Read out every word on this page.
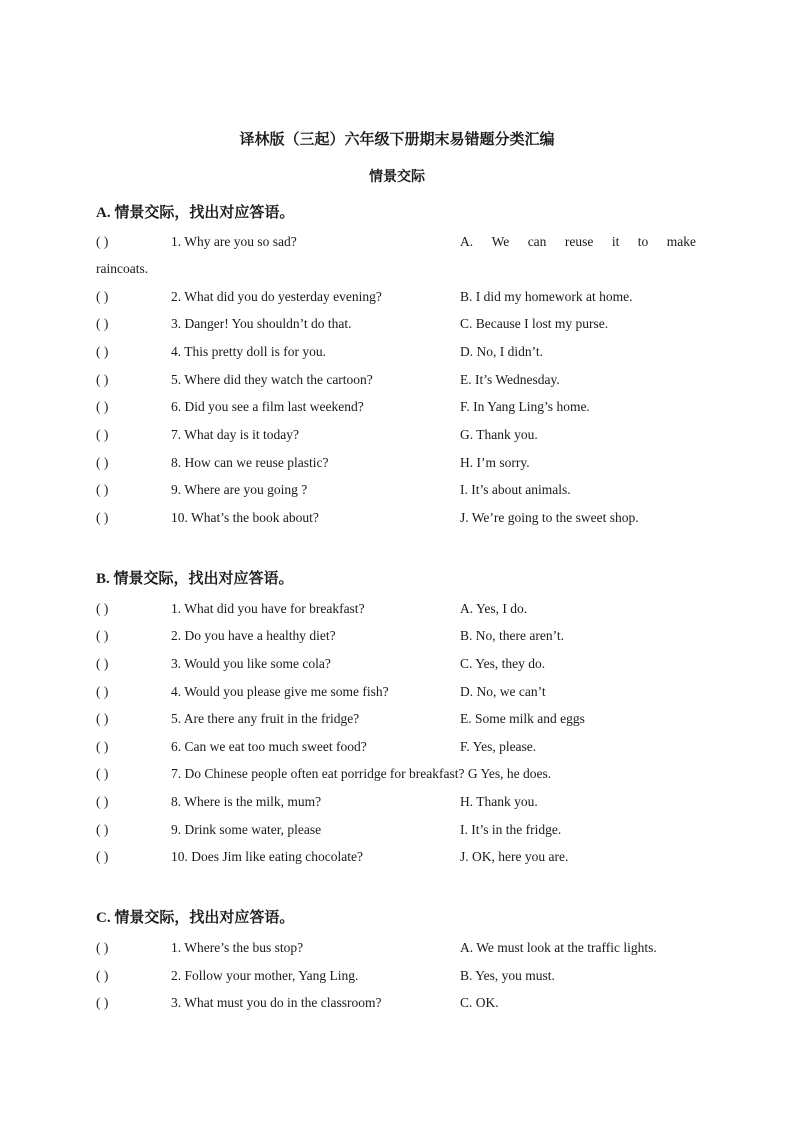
译林版（三起）六年级下册期末易错题分类汇编
情景交际
A. 情景交际，找出对应答语。
( )	1. Why are you so sad?	A. We can reuse it to make
raincoats.
( )	2. What did you do yesterday evening?	B. I did my homework at home.
( )	3. Danger! You shouldn’t do that.	C. Because I lost my purse.
( )	4. This pretty doll is for you.	D. No, I didn’t.
( )	5. Where did they watch the cartoon?	E. It’s Wednesday.
( )	6. Did you see a film last weekend?	F. In Yang Ling’s home.
( )	7. What day is it today?	G. Thank you.
( )	8. How can we reuse plastic?	H. I’m sorry.
( )	9. Where are you going ?	I. It’s about animals.
( )	10. What’s the book about?	J. We’re going to the sweet shop.
B. 情景交际，找出对应答语。
( )	1. What did you have for breakfast?	A. Yes, I do.
( )	2. Do you have a healthy diet?	B. No, there aren’t.
( )	3. Would you like some cola?	C. Yes, they do.
( )	4. Would you please give me some fish?	D. No, we can’t
( )	5. Are there any fruit in the fridge?	E. Some milk and eggs
( )	6. Can we eat too much sweet food?	F. Yes, please.
( )	7. Do Chinese people often eat porridge for breakfast? G Yes, he does.
( )	8. Where is the milk, mum?	H. Thank you.
( )	9. Drink some water, please	I. It’s in the fridge.
( )	10. Does Jim like eating chocolate?	J. OK, here you are.
C. 情景交际，找出对应答语。
( )	1. Where’s the bus stop?	A. We must look at the traffic lights.
( )	2. Follow your mother, Yang Ling.	B. Yes, you must.
( )	3. What must you do in the classroom?	C. OK.
